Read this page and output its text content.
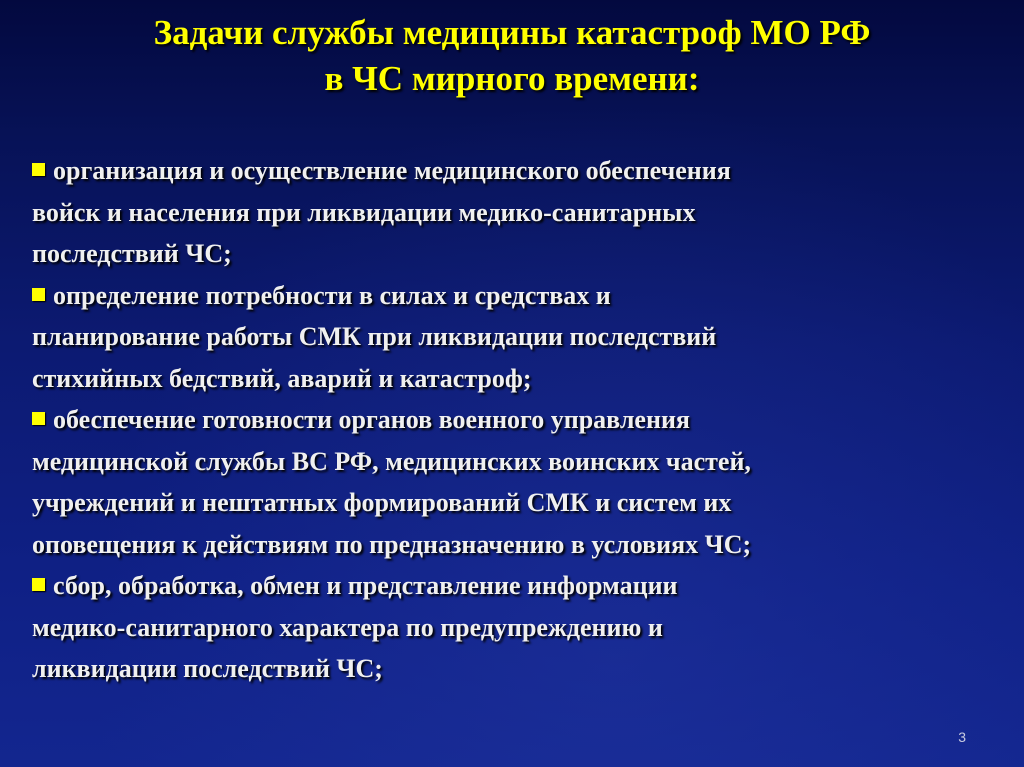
Задачи службы медицины катастроф МО РФ
в ЧС мирного времени:
организация и осуществление медицинского обеспечения
войск и населения при ликвидации медико-санитарных
последствий ЧС;
определение потребности в силах и средствах и
планирование работы СМК при ликвидации последствий
стихийных бедствий, аварий и катастроф;
обеспечение готовности органов военного управления
медицинской службы ВС РФ, медицинских воинских частей,
учреждений и нештатных формирований СМК и систем их
оповещения к действиям по предназначению в условиях ЧС;
сбор, обработка, обмен и представление информации
медико-санитарного характера по предупреждению и
ликвидации последствий ЧС;
3
